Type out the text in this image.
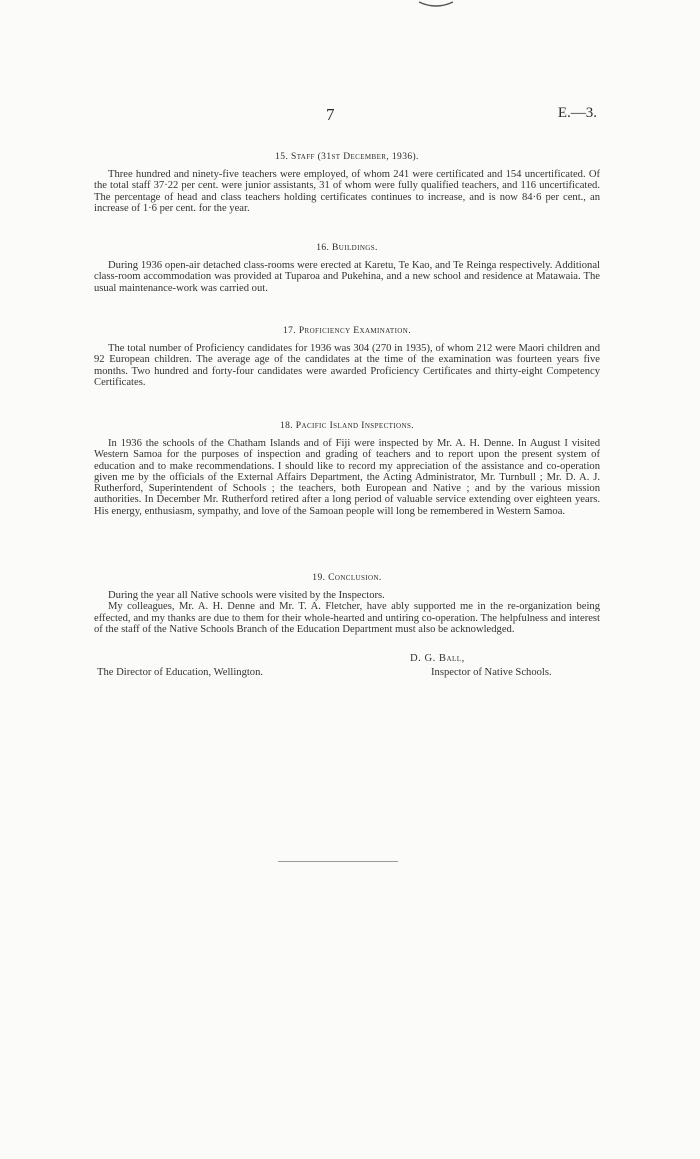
7	E.—3.
15. Staff (31st December, 1936).

Three hundred and ninety-five teachers were employed, of whom 241 were certificated and 154 uncertificated. Of the total staff 37·22 per cent. were junior assistants, 31 of whom were fully qualified teachers, and 116 uncertificated. The percentage of head and class teachers holding certificates continues to increase, and is now 84·6 per cent., an increase of 1·6 per cent. for the year.

16. Buildings.

During 1936 open-air detached class-rooms were erected at Karetu, Te Kao, and Te Reinga respectively. Additional class-room accommodation was provided at Tuparoa and Pukehina, and a new school and residence at Matawaia. The usual maintenance-work was carried out.

17. Proficiency Examination.

The total number of Proficiency candidates for 1936 was 304 (270 in 1935), of whom 212 were Maori children and 92 European children. The average age of the candidates at the time of the examination was fourteen years five months. Two hundred and forty-four candidates were awarded Proficiency Certificates and thirty-eight Competency Certificates.

18. Pacific Island Inspections.

In 1936 the schools of the Chatham Islands and of Fiji were inspected by Mr. A. H. Denne. In August I visited Western Samoa for the purposes of inspection and grading of teachers and to report upon the present system of education and to make recommendations. I should like to record my appreciation of the assistance and co-operation given me by the officials of the External Affairs Department, the Acting Administrator, Mr. Turnbull ; Mr. D. A. J. Rutherford, Superintendent of Schools ; the teachers, both European and Native ; and by the various mission authorities. In December Mr. Rutherford retired after a long period of valuable service extending over eighteen years. His energy, enthusiasm, sympathy, and love of the Samoan people will long be remembered in Western Samoa.

19. Conclusion.

During the year all Native schools were visited by the Inspectors.

My colleagues, Mr. A. H. Denne and Mr. T. A. Fletcher, have ably supported me in the re-organization being effected, and my thanks are due to them for their whole-hearted and untiring co-operation. The helpfulness and interest of the staff of the Native Schools Branch of the Education Department must also be acknowledged.

D. G. Ball,
The Director of Education, Wellington.	Inspector of Native Schools.
